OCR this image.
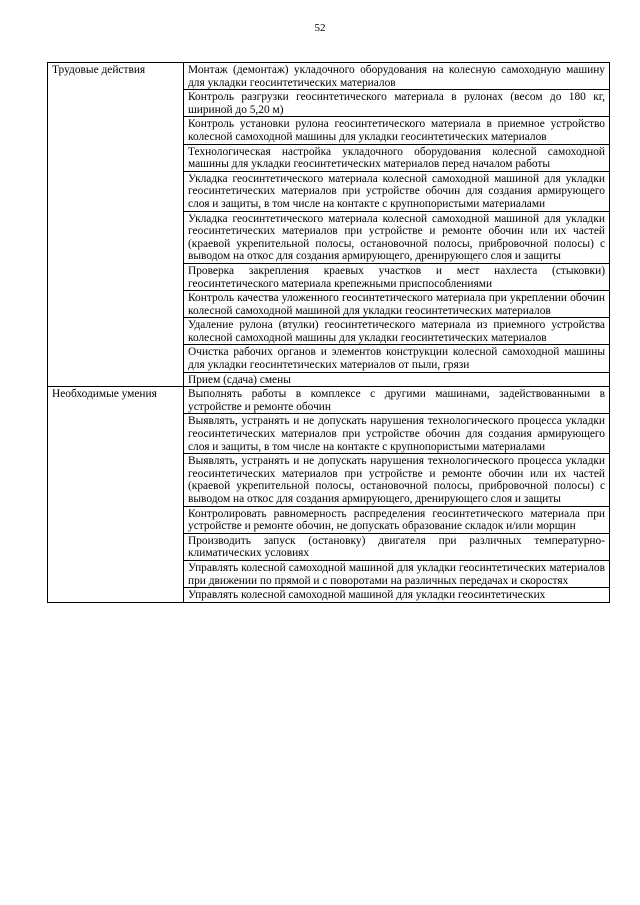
52
Трудовые действия	Монтаж (демонтаж) укладочного оборудования на колесную самоходную машину для укладки геосинтетических материалов
	Контроль разгрузки геосинтетического материала в рулонах (весом до 180 кг, шириной до 5,20 м)
	Контроль установки рулона геосинтетического материала в приемное устройство колесной самоходной машины для укладки геосинтетических материалов
	Технологическая настройка укладочного оборудования колесной самоходной машины для укладки геосинтетических материалов перед началом работы
	Укладка геосинтетического материала колесной самоходной машиной для укладки геосинтетических материалов при устройстве обочин для создания армирующего слоя и защиты, в том числе на контакте с крупнопористыми материалами
	Укладка геосинтетического материала колесной самоходной машиной для укладки геосинтетических материалов при устройстве и ремонте обочин или их частей (краевой укрепительной полосы, остановочной полосы, прибровочной полосы) с выводом на откос для создания армирующего, дренирующего слоя и защиты
	Проверка закрепления краевых участков и мест нахлеста (стыковки) геосинтетического материала крепежными приспособлениями
	Контроль качества уложенного геосинтетического материала при укреплении обочин колесной самоходной машиной для укладки геосинтетических материалов
	Удаление рулона (втулки) геосинтетического материала из приемного устройства колесной самоходной машины для укладки геосинтетических материалов
	Очистка рабочих органов и элементов конструкции колесной самоходной машины для укладки геосинтетических материалов от пыли, грязи
	Прием (сдача) смены
Необходимые умения	Выполнять работы в комплексе с другими машинами, задействованными в устройстве и ремонте обочин
	Выявлять, устранять и не допускать нарушения технологического процесса укладки геосинтетических материалов при устройстве обочин для создания армирующего слоя и защиты, в том числе на контакте с крупнопористыми материалами
	Выявлять, устранять и не допускать нарушения технологического процесса укладки геосинтетических материалов при устройстве и ремонте обочин или их частей (краевой укрепительной полосы, остановочной полосы, прибровочной полосы) с выводом на откос для создания армирующего, дренирующего слоя и защиты
	Контролировать равномерность распределения геосинтетического материала при устройстве и ремонте обочин, не допускать образование складок и/или морщин
	Производить запуск (остановку) двигателя при различных температурно-климатических условиях
	Управлять колесной самоходной машиной для укладки геосинтетических материалов при движении по прямой и с поворотами на различных передачах и скоростях
	Управлять колесной самоходной машиной для укладки геосинтетических
